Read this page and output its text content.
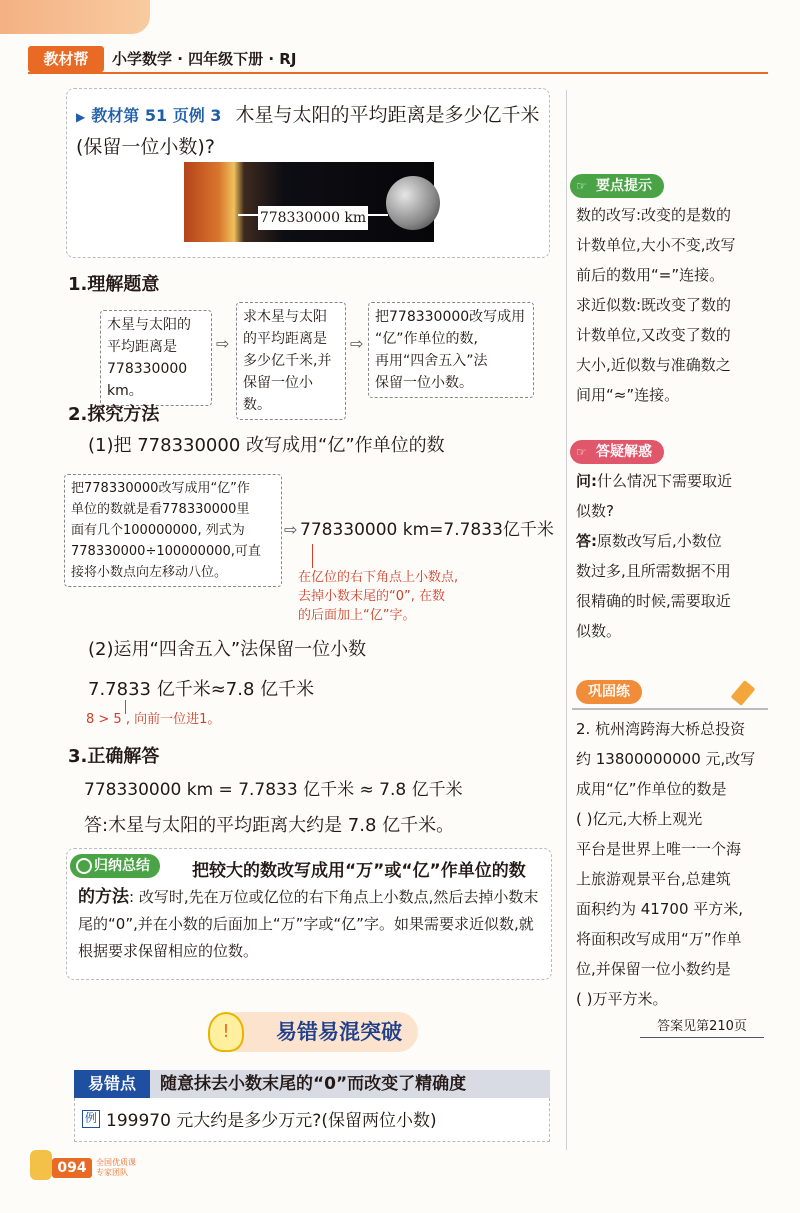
教材帮	小学数学 · 四年级下册 · RJ
▶ 教材第 51 页例 3 木星与太阳的平均距离是多少亿千米(保留一位小数)?
778330000 km
1.理解题意
木星与太阳的
平均距离是
778330000 km。
⇨
求木星与太阳
的平均距离是
多少亿千米,并
保留一位小数。
⇨
把778330000改写成用
“亿”作单位的数,
再用“四舍五入”法
保留一位小数。
2.探究方法
(1)把 778330000 改写成用“亿”作单位的数
把778330000改写成用“亿”作
单位的数就是看778330000里
面有几个100000000, 列式为
778330000÷100000000,可直
接将小数点向左移动八位。
⇨ 778330000 km=7.7833亿千米
在亿位的右下角点上小数点,
去掉小数末尾的“0”, 在数
的后面加上“亿”字。
(2)运用“四舍五入”法保留一位小数
7.7833 亿千米≈7.8 亿千米
8 > 5 , 向前一位进1。
3.正确解答
778330000 km = 7.7833 亿千米 ≈ 7.8 亿千米
答:木星与太阳的平均距离大约是 7.8 亿千米。
归纳总结	把较大的数改写成用“万”或“亿”作单位的数
的方法: 改写时,先在万位或亿位的右下角点上小数点,然后去掉小数末尾的“0”,并在小数的后面加上“万”字或“亿”字。如果需要求近似数,就根据要求保留相应的位数。
易错易混突破
!
易错点	随意抹去小数末尾的“0”而改变了精确度
例 199970 元大约是多少万元?(保留两位小数)
094	全国优质课
专家团队
要点提示
☞
数的改写:改变的是数的
计数单位,大小不变,改写
前后的数用“=”连接。
求近似数:既改变了数的
计数单位,又改变了数的
大小,近似数与准确数之
间用“≈”连接。
答疑解惑
☞
问:什么情况下需要取近
似数?
答:原数改写后,小数位
数过多,且所需数据不用
很精确的时候,需要取近
似数。
巩固练
2. 杭州湾跨海大桥总投资
约 13800000000 元,改写
成用“亿”作单位的数是
( )亿元,大桥上观光
平台是世界上唯一一个海
上旅游观景平台,总建筑
面积约为 41700 平方米,
将面积改写成用“万”作单
位,并保留一位小数约是
( )万平方米。
答案见第210页
